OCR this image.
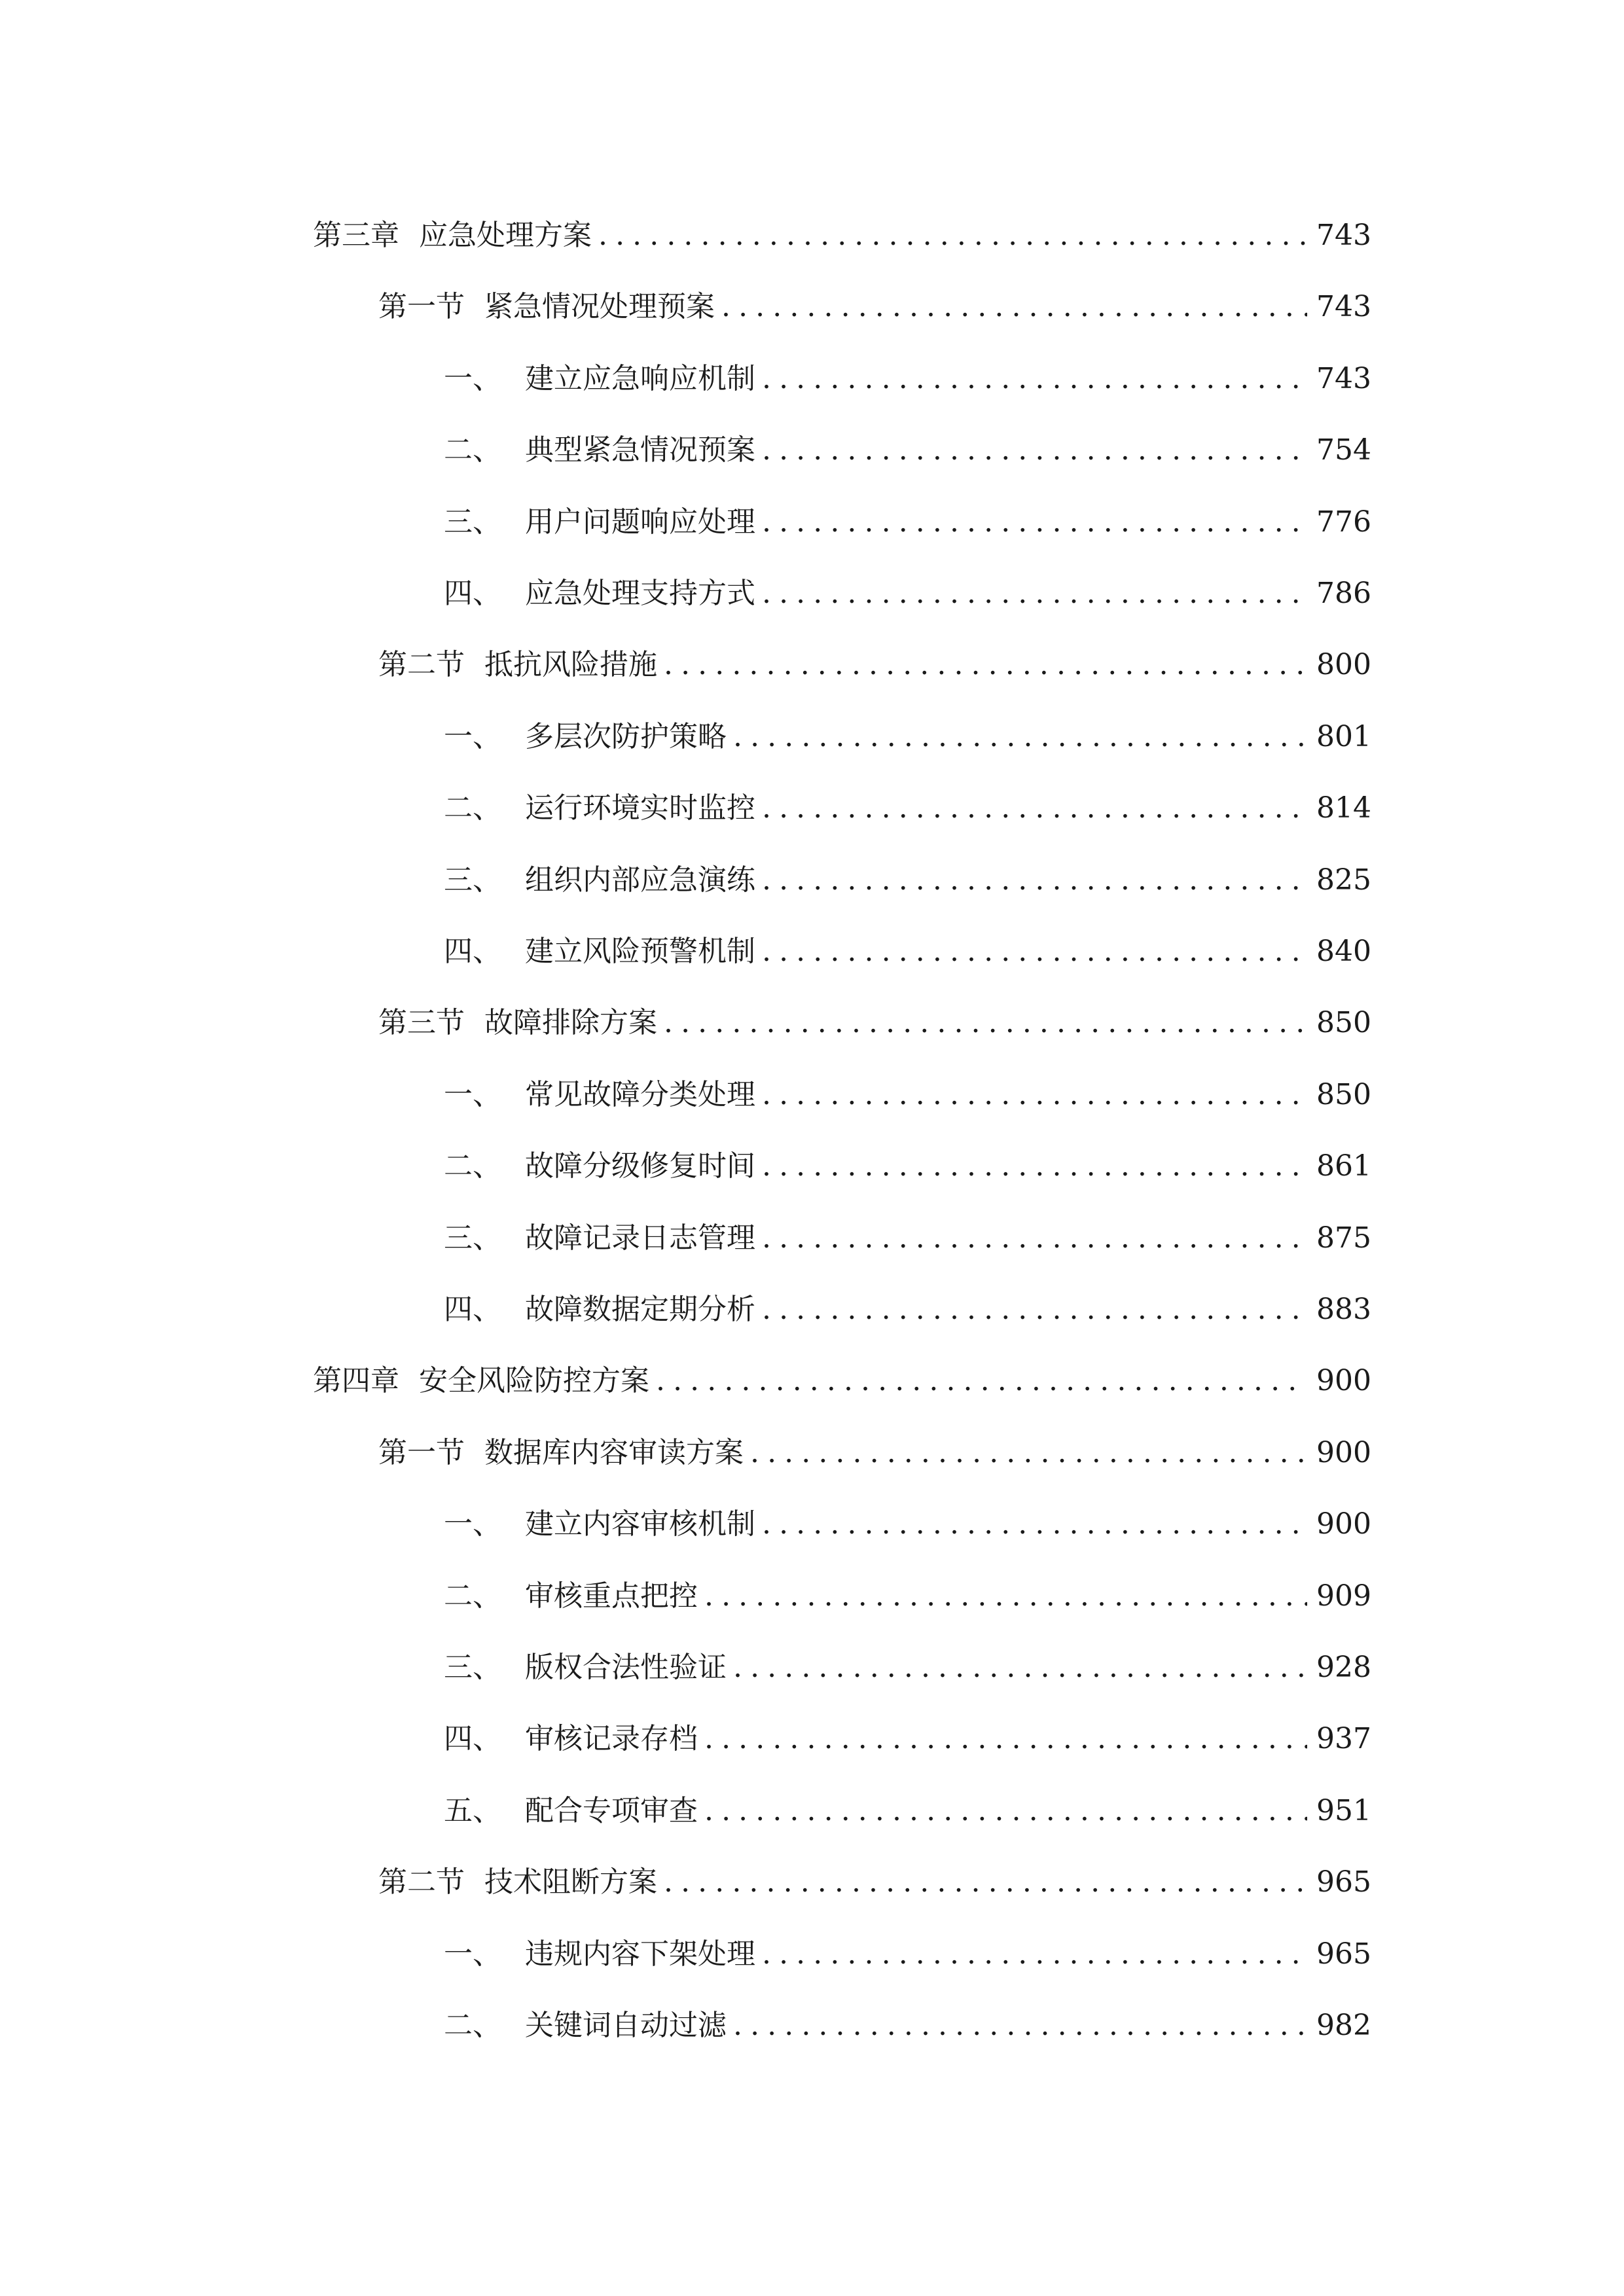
第三章 应急处理方案 .....	743
第一节 紧急情况处理预案 .....	743
一、 建立应急响应机制 .....	743
二、 典型紧急情况预案 .....	754
三、 用户问题响应处理 .....	776
四、 应急处理支持方式 .....	786
第二节 抵抗风险措施 .....	800
一、 多层次防护策略 .....	801
二、 运行环境实时监控 .....	814
三、 组织内部应急演练 .....	825
四、 建立风险预警机制 .....	840
第三节 故障排除方案 .....	850
一、 常见故障分类处理 .....	850
二、 故障分级修复时间 .....	861
三、 故障记录日志管理 .....	875
四、 故障数据定期分析 .....	883
第四章 安全风险防控方案 .....	900
第一节 数据库内容审读方案 .....	900
一、 建立内容审核机制 .....	900
二、 审核重点把控 .....	909
三、 版权合法性验证 .....	928
四、 审核记录存档 .....	937
五、 配合专项审查 .....	951
第二节 技术阻断方案 .....	965
一、 违规内容下架处理 .....	965
二、 关键词自动过滤 .....	982
